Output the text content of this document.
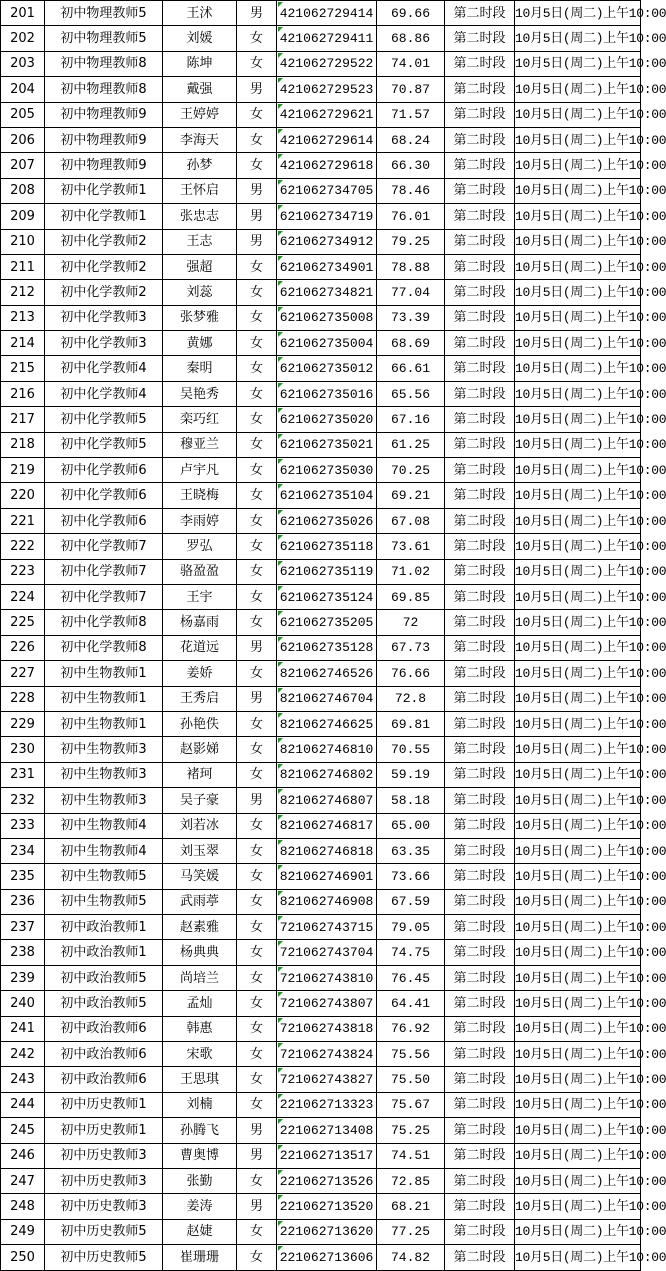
201	初中物理教师5	王沭	男	421062729414	69.66	第二时段	10月5日(周二)上午10:00
202	初中物理教师5	刘媛	女	421062729411	68.86	第二时段	10月5日(周二)上午10:00
203	初中物理教师8	陈坤	女	421062729522	74.01	第二时段	10月5日(周二)上午10:00
204	初中物理教师8	戴强	男	421062729523	70.87	第二时段	10月5日(周二)上午10:00
205	初中物理教师9	王婷婷	女	421062729621	71.57	第二时段	10月5日(周二)上午10:00
206	初中物理教师9	李海天	女	421062729614	68.24	第二时段	10月5日(周二)上午10:00
207	初中物理教师9	孙梦	女	421062729618	66.30	第二时段	10月5日(周二)上午10:00
208	初中化学教师1	王怀启	男	621062734705	78.46	第二时段	10月5日(周二)上午10:00
209	初中化学教师1	张忠志	男	621062734719	76.01	第二时段	10月5日(周二)上午10:00
210	初中化学教师2	王志	男	621062734912	79.25	第二时段	10月5日(周二)上午10:00
211	初中化学教师2	强超	女	621062734901	78.88	第二时段	10月5日(周二)上午10:00
212	初中化学教师2	刘蕊	女	621062734821	77.04	第二时段	10月5日(周二)上午10:00
213	初中化学教师3	张梦雅	女	621062735008	73.39	第二时段	10月5日(周二)上午10:00
214	初中化学教师3	黄娜	女	621062735004	68.69	第二时段	10月5日(周二)上午10:00
215	初中化学教师4	秦明	女	621062735012	66.61	第二时段	10月5日(周二)上午10:00
216	初中化学教师4	吴艳秀	女	621062735016	65.56	第二时段	10月5日(周二)上午10:00
217	初中化学教师5	栾巧红	女	621062735020	67.16	第二时段	10月5日(周二)上午10:00
218	初中化学教师5	穆亚兰	女	621062735021	61.25	第二时段	10月5日(周二)上午10:00
219	初中化学教师6	卢宇凡	女	621062735030	70.25	第二时段	10月5日(周二)上午10:00
220	初中化学教师6	王晓梅	女	621062735104	69.21	第二时段	10月5日(周二)上午10:00
221	初中化学教师6	李雨婷	女	621062735026	67.08	第二时段	10月5日(周二)上午10:00
222	初中化学教师7	罗弘	女	621062735118	73.61	第二时段	10月5日(周二)上午10:00
223	初中化学教师7	骆盈盈	女	621062735119	71.02	第二时段	10月5日(周二)上午10:00
224	初中化学教师7	王宇	女	621062735124	69.85	第二时段	10月5日(周二)上午10:00
225	初中化学教师8	杨嘉雨	女	621062735205	72	第二时段	10月5日(周二)上午10:00
226	初中化学教师8	花道远	男	621062735128	67.73	第二时段	10月5日(周二)上午10:00
227	初中生物教师1	姜娇	女	821062746526	76.66	第二时段	10月5日(周二)上午10:00
228	初中生物教师1	王秀启	男	821062746704	72.8	第二时段	10月5日(周二)上午10:00
229	初中生物教师1	孙艳佚	女	821062746625	69.81	第二时段	10月5日(周二)上午10:00
230	初中生物教师3	赵影娣	女	821062746810	70.55	第二时段	10月5日(周二)上午10:00
231	初中生物教师3	褚珂	女	821062746802	59.19	第二时段	10月5日(周二)上午10:00
232	初中生物教师3	吴子豪	男	821062746807	58.18	第二时段	10月5日(周二)上午10:00
233	初中生物教师4	刘若冰	女	821062746817	65.00	第二时段	10月5日(周二)上午10:00
234	初中生物教师4	刘玉翠	女	821062746818	63.35	第二时段	10月5日(周二)上午10:00
235	初中生物教师5	马笑媛	女	821062746901	73.66	第二时段	10月5日(周二)上午10:00
236	初中生物教师5	武雨葶	女	821062746908	67.59	第二时段	10月5日(周二)上午10:00
237	初中政治教师1	赵素雅	女	721062743715	79.05	第二时段	10月5日(周二)上午10:00
238	初中政治教师1	杨典典	女	721062743704	74.75	第二时段	10月5日(周二)上午10:00
239	初中政治教师5	尚培兰	女	721062743810	76.45	第二时段	10月5日(周二)上午10:00
240	初中政治教师5	孟灿	女	721062743807	64.41	第二时段	10月5日(周二)上午10:00
241	初中政治教师6	韩惠	女	721062743818	76.92	第二时段	10月5日(周二)上午10:00
242	初中政治教师6	宋歌	女	721062743824	75.56	第二时段	10月5日(周二)上午10:00
243	初中政治教师6	王思琪	女	721062743827	75.50	第二时段	10月5日(周二)上午10:00
244	初中历史教师1	刘楠	女	221062713323	75.67	第二时段	10月5日(周二)上午10:00
245	初中历史教师1	孙腾飞	男	221062713408	75.25	第二时段	10月5日(周二)上午10:00
246	初中历史教师3	曹奥博	男	221062713517	74.51	第二时段	10月5日(周二)上午10:00
247	初中历史教师3	张勤	女	221062713526	72.85	第二时段	10月5日(周二)上午10:00
248	初中历史教师3	姜涛	男	221062713520	68.21	第二时段	10月5日(周二)上午10:00
249	初中历史教师5	赵婕	女	221062713620	77.25	第二时段	10月5日(周二)上午10:00
250	初中历史教师5	崔珊珊	女	221062713606	74.82	第二时段	10月5日(周二)上午10:00
